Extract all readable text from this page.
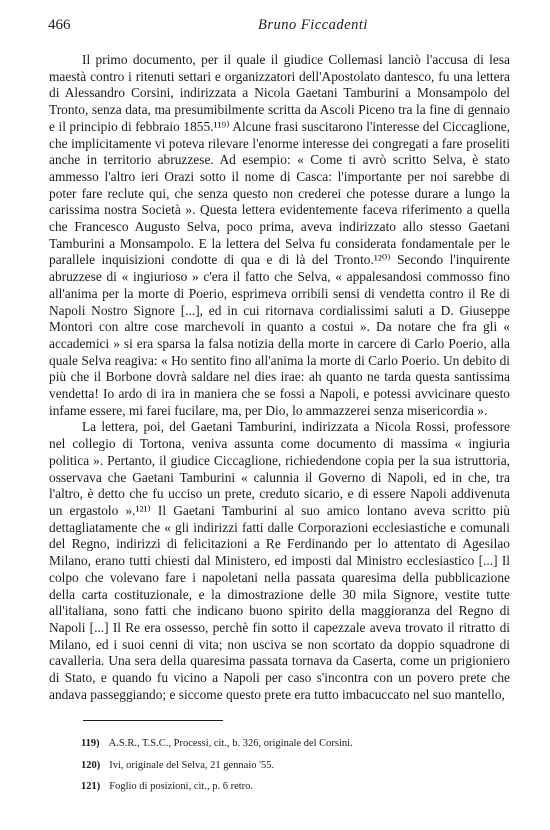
466	Bruno Ficcadenti

Il primo documento, per il quale il giudice Collemasi lanciò l'accusa di lesa maestà contro i ritenuti settari e organizzatori dell'Apostolato dantesco, fu una lettera di Alessandro Corsini, indirizzata a Nicola Gaetani Tamburini a Monsampolo del Tronto, senza data, ma presumibilmente scritta da Ascoli Piceno tra la fine di gennaio e il principio di febbraio 1855.¹¹⁹⁾ Alcune frasi suscitarono l'interesse del Ciccaglione, che implicitamente vi poteva rilevare l'enorme interesse dei congregati a fare proseliti anche in territorio abruzzese. Ad esempio: « Come ti avrò scritto Selva, è stato ammesso l'altro ieri Orazi sotto il nome di Casca: l'importante per noi sarebbe di poter fare reclute qui, che senza questo non crederei che potesse durare a lungo la carissima nostra Società ». Questa lettera evidentemente faceva riferimento a quella che Francesco Augusto Selva, poco prima, aveva indirizzato allo stesso Gaetani Tamburini a Monsampolo. E la lettera del Selva fu considerata fondamentale per le parallele inquisizioni condotte di qua e di là del Tronto.¹²⁰⁾ Secondo l'inquirente abruzzese di « ingiurioso » c'era il fatto che Selva, « appalesandosi commosso fino all'anima per la morte di Poerio, esprimeva orribili sensi di vendetta contro il Re di Napoli Nostro Signore [...], ed in cui ritornava cordialissimi saluti a D. Giuseppe Montori con altre cose marchevoli in quanto a costui ». Da notare che fra gli « accademici » si era sparsa la falsa notizia della morte in carcere di Carlo Poerio, alla quale Selva reagiva: « Ho sentito fino all'anima la morte di Carlo Poerio. Un debito di più che il Borbone dovrà saldare nel dies irae: ah quanto ne tarda questa santissima vendetta! Io ardo di ira in maniera che se fossi a Napoli, e potessi avvicinare questo infame essere, mi farei fucilare, ma, per Dio, lo ammazzerei senza misericordia ».

La lettera, poi, del Gaetani Tamburini, indirizzata a Nicola Rossi, professore nel collegio di Tortona, veniva assunta come documento di massima « ingiuria politica ». Pertanto, il giudice Ciccaglione, richiedendone copia per la sua istruttoria, osservava che Gaetani Tamburini « calunnia il Governo di Napoli, ed in che, tra l'altro, è detto che fu ucciso un prete, creduto sicario, e di essere Napoli addivenuta un ergastolo ».¹²¹⁾ Il Gaetani Tamburini al suo amico lontano aveva scritto più dettagliatamente che « gli indirizzi fatti dalle Corporazioni ecclesiastiche e comunali del Regno, indirizzi di felicitazioni a Re Ferdinando per lo attentato di Agesilao Milano, erano tutti chiesti dal Ministero, ed imposti dal Ministro ecclesiastico [...] Il colpo che volevano fare i napoletani nella passata quaresima della pubblicazione della carta costituzionale, e la dimostrazione delle 30 mila Signore, vestite tutte all'italiana, sono fatti che indicano buono spirito della maggioranza del Regno di Napoli [...] Il Re era ossesso, perchè fin sotto il capezzale aveva trovato il ritratto di Milano, ed i suoi cenni di vita; non usciva se non scortato da doppio squadrone di cavalleria. Una sera della quaresima passata tornava da Caserta, come un prigioniero di Stato, e quando fu vicino a Napoli per caso s'incontra con un povero prete che andava passeggiando; e siccome questo prete era tutto imbacuccato nel suo mantello,

119) A.S.R., T.S.C., Processi, cit., b. 326, originale del Corsini.
120) Ivi, originale del Selva, 21 gennaio '55.
121) Foglio di posizioni, cit., p. 6 retro.
